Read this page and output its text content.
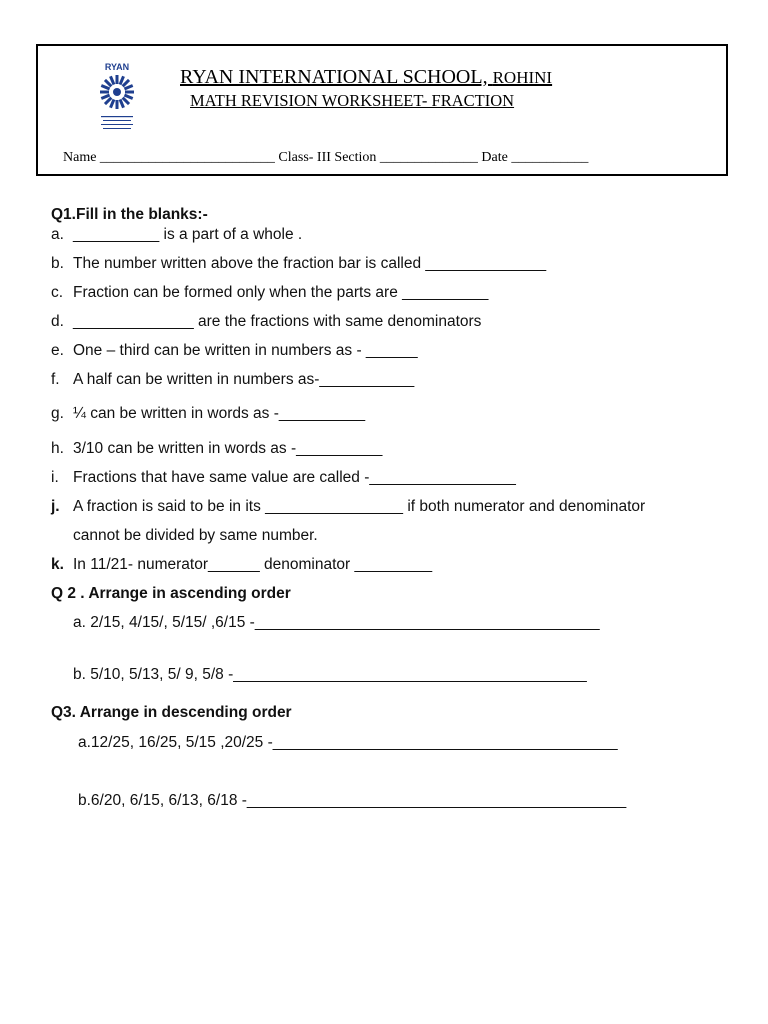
RYAN	RYAN INTERNATIONAL SCHOOL, ROHINI
MATH REVISION WORKSHEET- FRACTION
Name _________________________ Class- III Section ______________ Date ___________
Q1.Fill in the blanks:-
a. __________ is a part of a whole .
b. The number written above the fraction bar is called ______________
c. Fraction can be formed only when the parts are __________
d. ______________ are the fractions with same denominators
e. One – third can be written in numbers as - ______
f. A half can be written in numbers as-___________
g. ¼ can be written in words as -__________
h. 3/10 can be written in words as -__________
i. Fractions that have same value are called -_________________
j. A fraction is said to be in its ________________ if both numerator and denominator
cannot be divided by same number.
k. In 11/21- numerator______ denominator _________
Q 2 . Arrange in ascending order
a. 2/15, 4/15/, 5/15/ ,6/15 -________________________________________
b. 5/10, 5/13, 5/ 9, 5/8 -_________________________________________
Q3. Arrange in descending order
a.12/25, 16/25, 5/15 ,20/25 -________________________________________
b.6/20, 6/15, 6/13, 6/18 -____________________________________________
